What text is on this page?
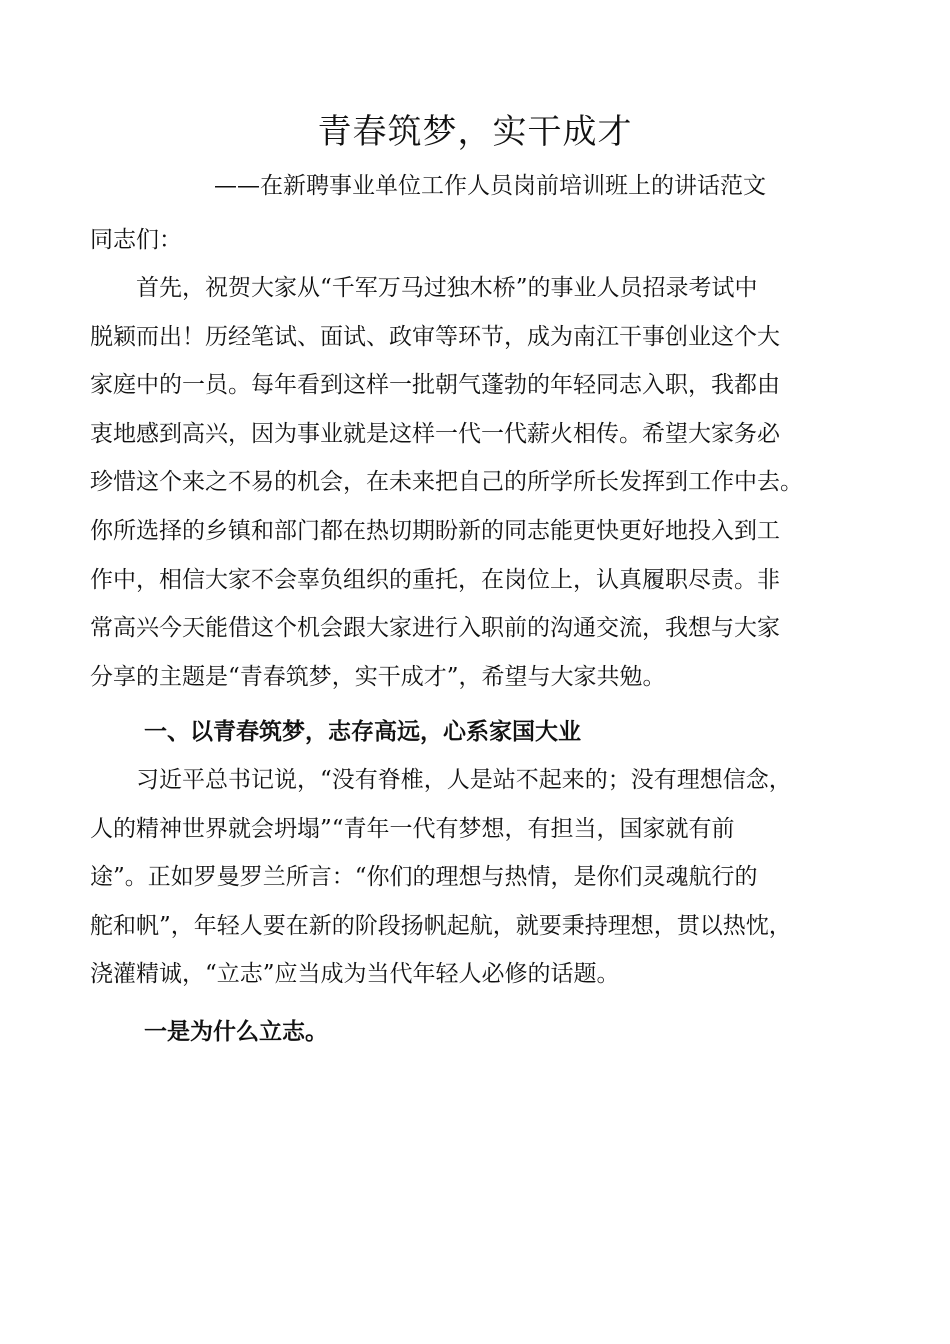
青春筑梦，实干成才
——在新聘事业单位工作人员岗前培训班上的讲话范文
同志们：
　　首先，祝贺大家从“千军万马过独木桥”的事业人员招录考试中
脱颖而出！历经笔试、面试、政审等环节，成为南江干事创业这个大
家庭中的一员。每年看到这样一批朝气蓬勃的年轻同志入职，我都由
衷地感到高兴，因为事业就是这样一代一代薪火相传。希望大家务必
珍惜这个来之不易的机会，在未来把自己的所学所长发挥到工作中去。
你所选择的乡镇和部门都在热切期盼新的同志能更快更好地投入到工
作中，相信大家不会辜负组织的重托，在岗位上，认真履职尽责。非
常高兴今天能借这个机会跟大家进行入职前的沟通交流，我想与大家
分享的主题是“青春筑梦，实干成才”，希望与大家共勉。
一、以青春筑梦，志存高远，心系家国大业
　　习近平总书记说，“没有脊椎，人是站不起来的；没有理想信念，
人的精神世界就会坍塌”“青年一代有梦想，有担当，国家就有前
途”。正如罗曼罗兰所言：“你们的理想与热情，是你们灵魂航行的
舵和帆”，年轻人要在新的阶段扬帆起航，就要秉持理想，贯以热忱，
浇灌精诚，“立志”应当成为当代年轻人必修的话题。
一是为什么立志。
